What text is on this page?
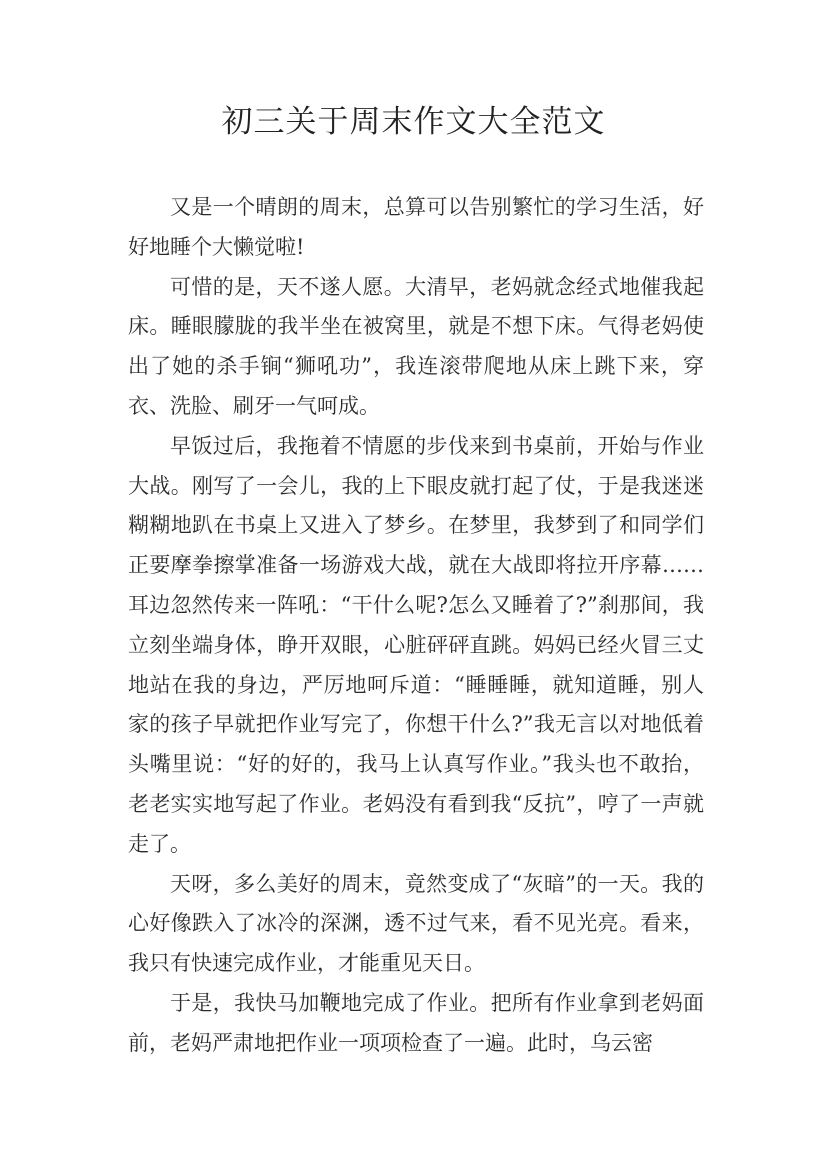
初三关于周末作文大全范文

又是一个晴朗的周末，总算可以告别繁忙的学习生活，好好地睡个大懒觉啦!

可惜的是，天不遂人愿。大清早，老妈就念经式地催我起床。睡眼朦胧的我半坐在被窝里，就是不想下床。气得老妈使出了她的杀手锏“狮吼功”，我连滚带爬地从床上跳下来，穿衣、洗脸、刷牙一气呵成。

早饭过后，我拖着不情愿的步伐来到书桌前，开始与作业大战。刚写了一会儿，我的上下眼皮就打起了仗，于是我迷迷糊糊地趴在书桌上又进入了梦乡。在梦里，我梦到了和同学们正要摩拳擦掌准备一场游戏大战，就在大战即将拉开序幕……耳边忽然传来一阵吼：“干什么呢?怎么又睡着了?”刹那间，我立刻坐端身体，睁开双眼，心脏砰砰直跳。妈妈已经火冒三丈地站在我的身边，严厉地呵斥道：“睡睡睡，就知道睡，别人家的孩子早就把作业写完了，你想干什么?”我无言以对地低着头嘴里说：“好的好的，我马上认真写作业。”我头也不敢抬，老老实实地写起了作业。老妈没有看到我“反抗”，哼了一声就走了。

天呀，多么美好的周末，竟然变成了“灰暗”的一天。我的心好像跌入了冰冷的深渊，透不过气来，看不见光亮。看来，我只有快速完成作业，才能重见天日。

于是，我快马加鞭地完成了作业。把所有作业拿到老妈面前，老妈严肃地把作业一项项检查了一遍。此时，乌云密
